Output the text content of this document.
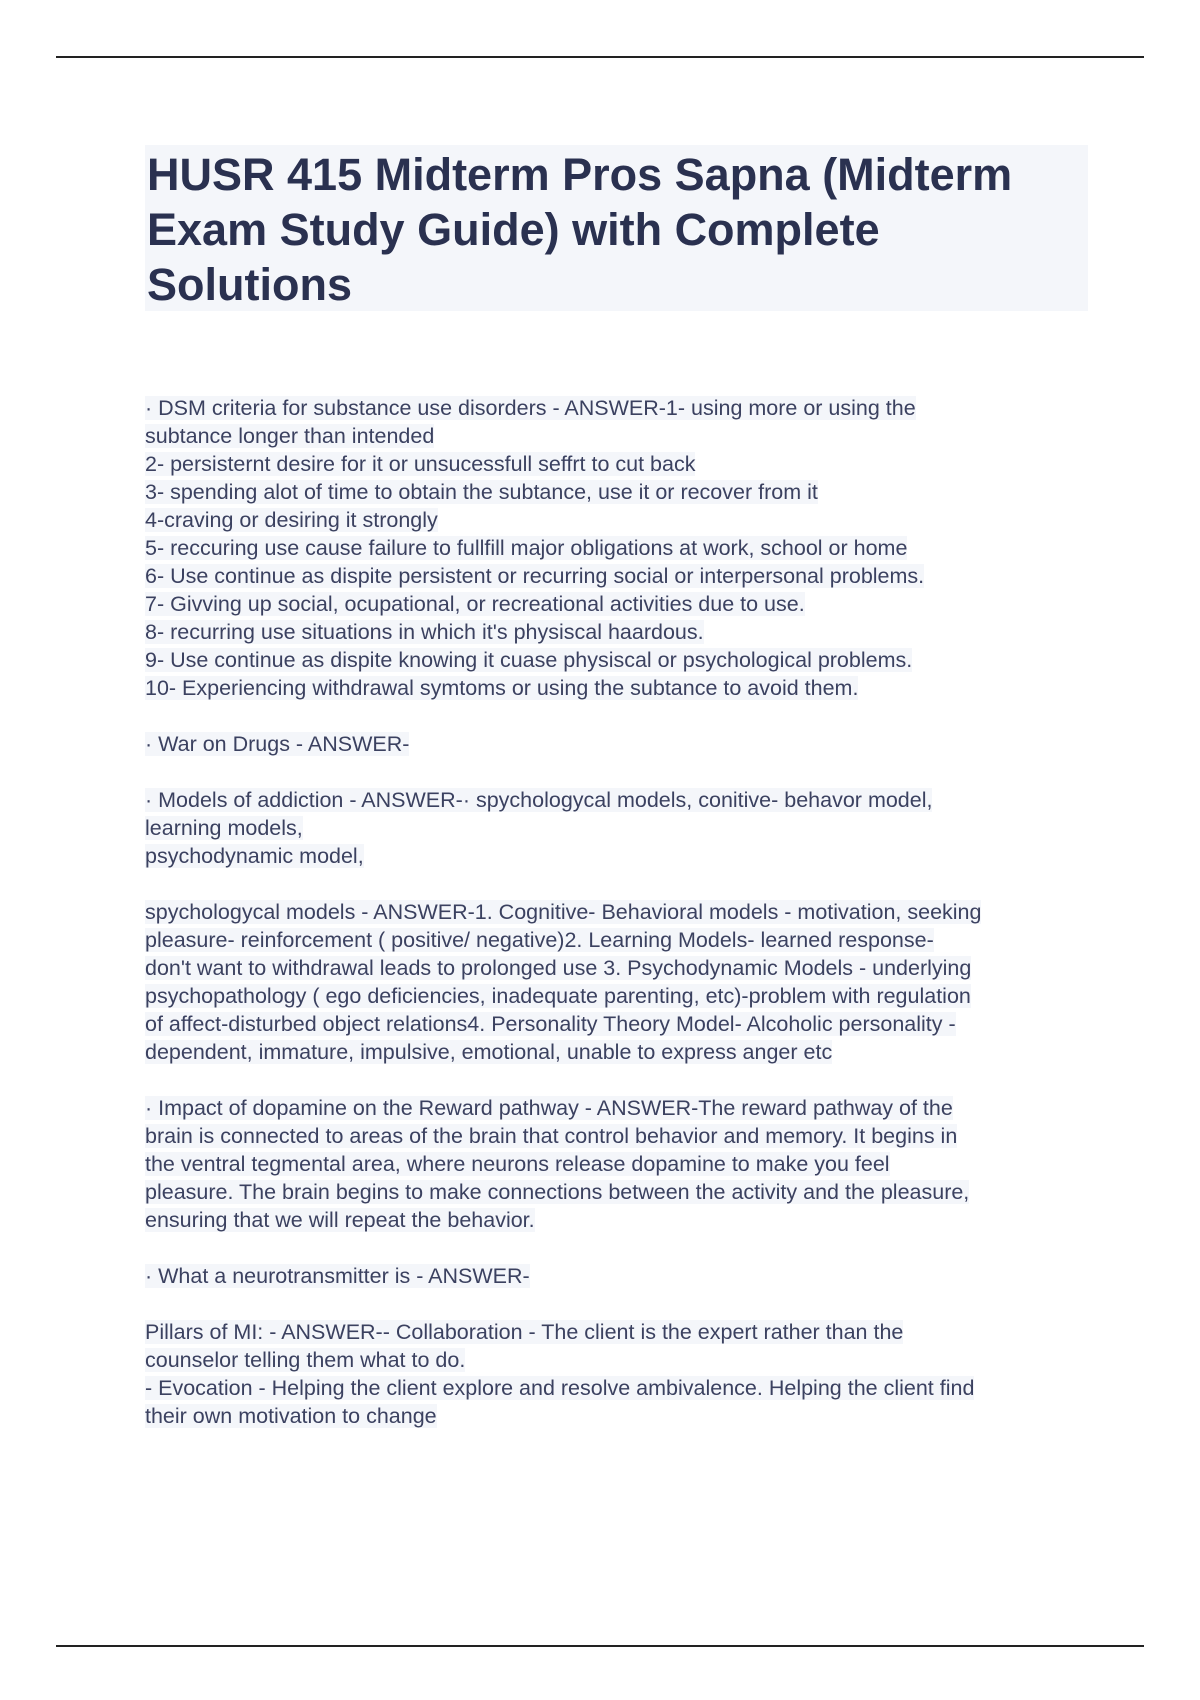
HUSR 415 Midterm Pros Sapna (Midterm
Exam Study Guide) with Complete
Solutions
· DSM criteria for substance use disorders - ANSWER-1- using more or using the
subtance longer than intended
2- persisternt desire for it or unsucessfull seffrt to cut back
3- spending alot of time to obtain the subtance, use it or recover from it
4-craving or desiring it strongly
5- reccuring use cause failure to fullfill major obligations at work, school or home
6- Use continue as dispite persistent or recurring social or interpersonal problems.
7- Givving up social, ocupational, or recreational activities due to use.
8- recurring use situations in which it's physiscal haardous.
9- Use continue as dispite knowing it cuase physiscal or psychological problems.
10- Experiencing withdrawal symtoms or using the subtance to avoid them.
· War on Drugs - ANSWER-
· Models of addiction - ANSWER-· spychologycal models, conitive- behavor model,
learning models,
psychodynamic model,
spychologycal models - ANSWER-1. Cognitive- Behavioral models - motivation, seeking
pleasure- reinforcement ( positive/ negative)2. Learning Models- learned response-
don't want to withdrawal leads to prolonged use 3. Psychodynamic Models - underlying
psychopathology ( ego deficiencies, inadequate parenting, etc)-problem with regulation
of affect-disturbed object relations4. Personality Theory Model- Alcoholic personality -
dependent, immature, impulsive, emotional, unable to express anger etc
· Impact of dopamine on the Reward pathway - ANSWER-The reward pathway of the
brain is connected to areas of the brain that control behavior and memory. It begins in
the ventral tegmental area, where neurons release dopamine to make you feel
pleasure. The brain begins to make connections between the activity and the pleasure,
ensuring that we will repeat the behavior.
· What a neurotransmitter is - ANSWER-
Pillars of MI: - ANSWER-- Collaboration - The client is the expert rather than the
counselor telling them what to do.
- Evocation - Helping the client explore and resolve ambivalence. Helping the client find
their own motivation to change
